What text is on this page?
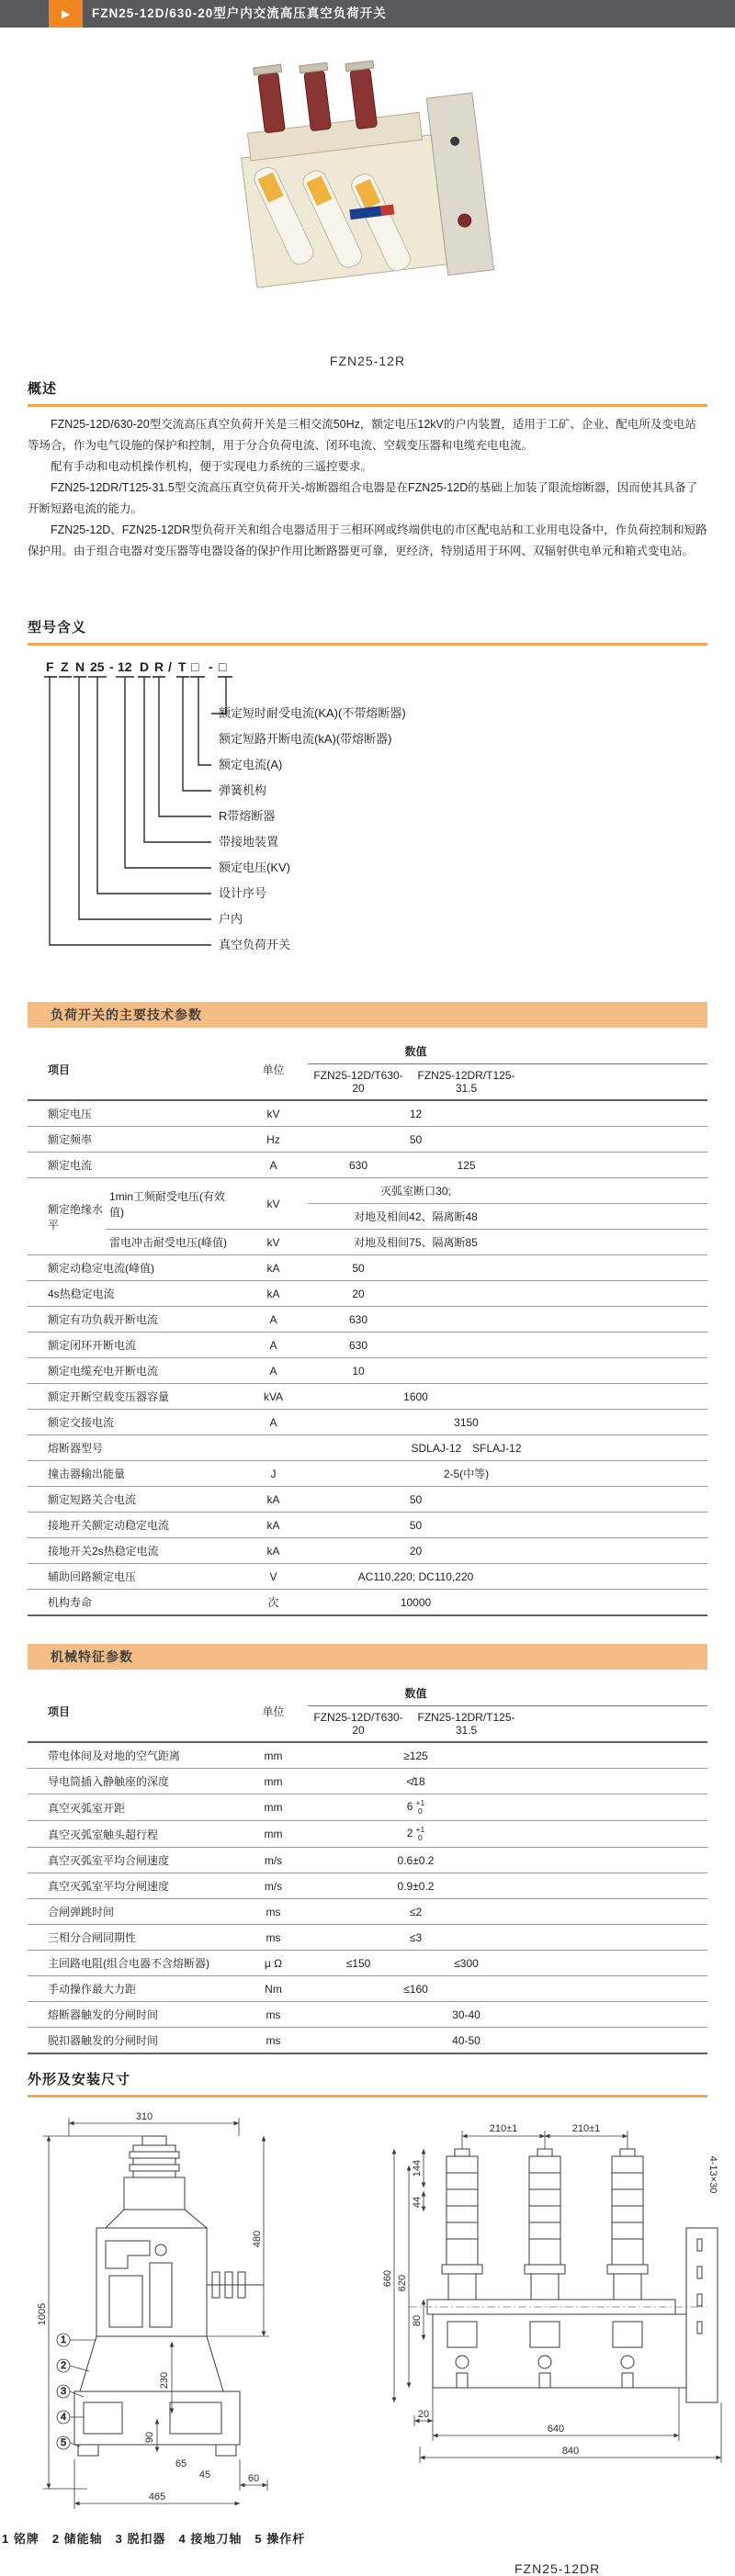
▶ FZN25-12D/630-20型户内交流高压真空负荷开关
FZN25-12R
概述

FZN25-12D/630-20型交流高压真空负荷开关是三相交流50Hz，额定电压12kV的户内装置，适用于工矿、企业、配电所及变电站等场合，作为电气设施的保护和控制，用于分合负荷电流、闭环电流、空载变压器和电缆充电电流。

配有手动和电动机操作机构，便于实现电力系统的三遥控要求。

FZN25-12DR/T125-31.5型交流高压真空负荷开关-熔断器组合电器是在FZN25-12D的基础上加装了限流熔断器，因而使其具备了开断短路电流的能力。

FZN25-12D、FZN25-12DR型负荷开关和组合电器适用于三相环网或终端供电的市区配电站和工业用电设备中，作负荷控制和短路保护用。由于组合电器对变压器等电器设备的保护作用比断路器更可靠，更经济，特别适用于环网、双辐射供电单元和箱式变电站。

型号含义
F Z N 25 - 12 D R / T □ - □
额定短时耐受电流(KA)(不带熔断器)
额定短路开断电流(kA)(带熔断器)
额定电流(A)
弹簧机构
R带熔断器
带接地装置
额定电压(KV)
设计序号
户内
真空负荷开关
负荷开关的主要技术参数
项目		单位	数值		
			FZN25-12D/T630-20	FZN25-12DR/T125-31.5	
额定电压		kV	12		
额定频率		Hz	50		
额定电流		A	630	125	
额定绝缘水平	1min工频耐受电压(有效值)	kV	灭弧室断口30;		
			对地及相间42、隔离断48		
	雷电冲击耐受电压(峰值)	kV	对地及相间75、隔离断85		
额定动稳定电流(峰值)		kA	50		
4s热稳定电流		kA	20		
额定有功负载开断电流		A	630		
额定闭环开断电流		A	630		
额定电缆充电开断电流		A	10		
额定开断空载变压器容量		kVA	1600		
额定交接电流		A		3150	
熔断器型号				SDLAJ-12　SFLAJ-12	
撞击器输出能量		J		2-5(中等)	
额定短路关合电流		kA	50		
接地开关额定动稳定电流		kA	50		
接地开关2s热稳定电流		kA	20		
辅助回路额定电压		V	AC110,220; DC110,220		
机构寿命		次	10000		
机械特征参数
项目	单位	数值		
		FZN25-12D/T630-20	FZN25-12DR/T125-31.5	
带电体间及对地的空气距离	mm	≥125		
导电筒插入静触座的深度	mm	≮18		
真空灭弧室开距	mm	6 +1
0		

真空灭弧室触头超行程	mm	2 +1
0		

真空灭弧室平均合闸速度	m/s	0.6±0.2		
真空灭弧室平均分闸速度	m/s	0.9±0.2		
合闸弹跳时间	ms	≤2		
三相分合闸同期性	ms	≤3		
主回路电阻(组合电器不含熔断器)	μ Ω	≤150	≤300	
手动操作最大力距	Nm	≤160		
熔断器触发的分闸时间	ms		30-40	
脱扣器触发的分闸时间	ms		40-50	
外形及安装尺寸
310
1005
1
2
3
4
5
480
230
90
65
45	60
465
210±1	210±1
4-13×30
660 620
144
44
80
20
640
840
1 铭牌　2 储能轴　3 脱扣器　4 接地刀轴　5 操作杆
FZN25-12DR
